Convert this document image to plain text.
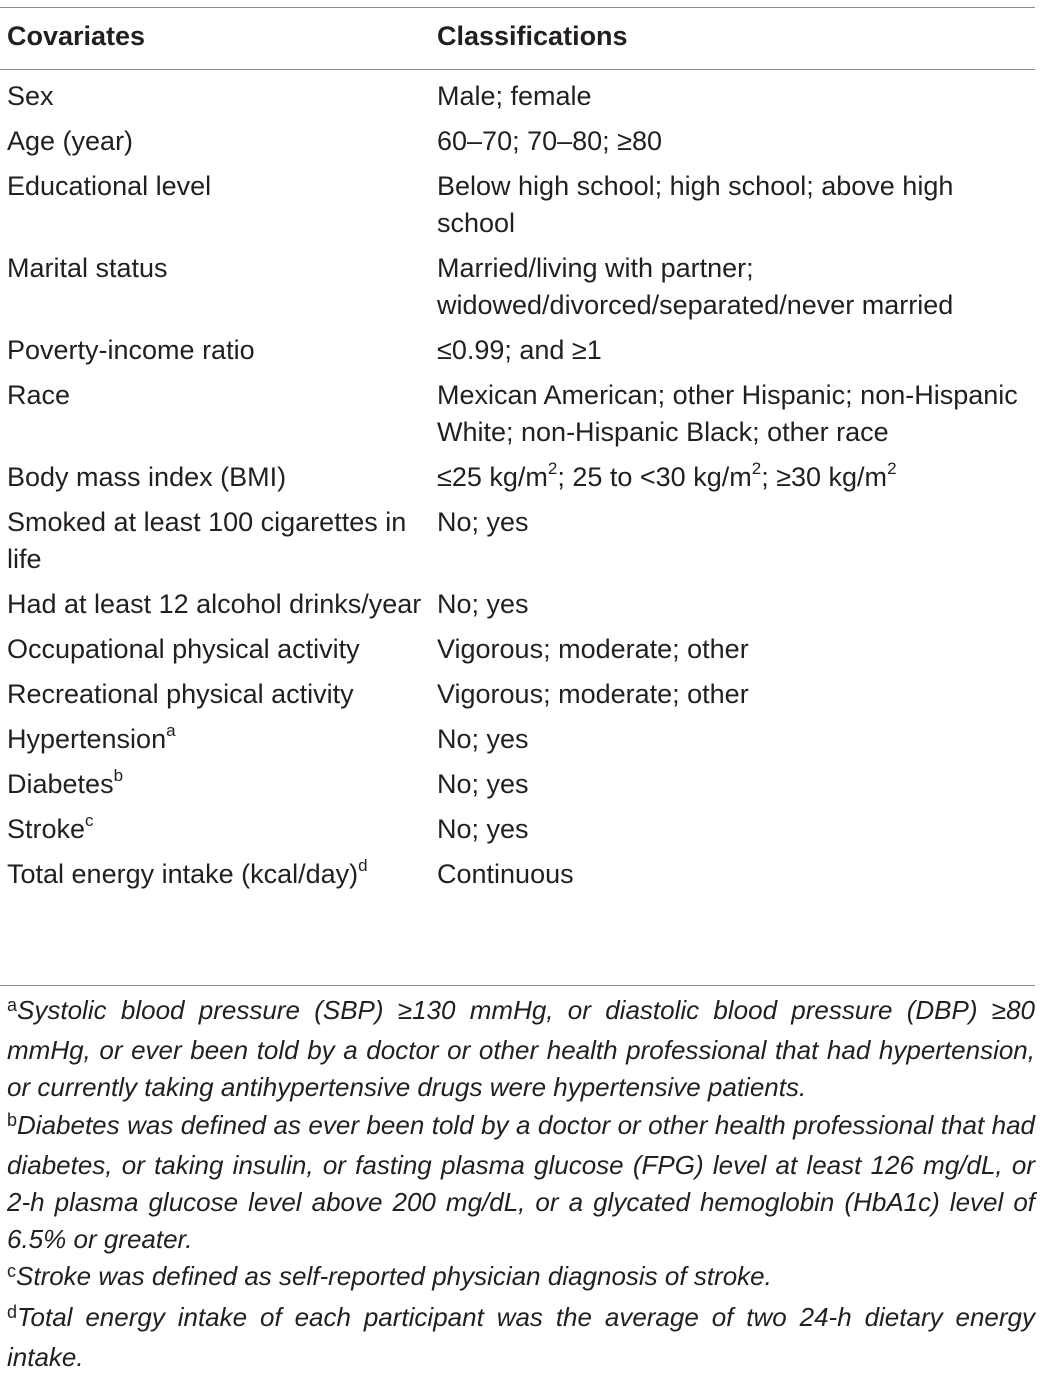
Covariates	Classifications
Sex	Male; female
Age (year)	60–70; 70–80; ≥80
Educational level	Below high school; high school; above high school
Marital status	Married/living with partner; widowed/divorced/separated/never married
Poverty-income ratio	≤0.99; and ≥1
Race	Mexican American; other Hispanic; non-Hispanic White; non-Hispanic Black; other race
Body mass index (BMI)	≤25 $kg/m^2$; 25 to <30 $kg/m^2$; ≥30 $kg/m^2$
Smoked at least 100 cigarettes in life	No; yes
Had at least 12 alcohol drinks/year	No; yes
Occupational physical activity	Vigorous; moderate; other
Recreational physical activity	Vigorous; moderate; other
Hypertension$^a$	No; yes
Diabetes$^b$	No; yes
Stroke$^c$	No; yes
Total energy intake (kcal/day)$^d$	Continuous
$^a$Systolic blood pressure (SBP) ≥130 mmHg, or diastolic blood pressure (DBP) ≥80 mmHg, or ever been told by a doctor or other health professional that had hypertension, or currently taking antihypertensive drugs were hypertensive patients.
$^b$Diabetes was defined as ever been told by a doctor or other health professional that had diabetes, or taking insulin, or fasting plasma glucose (FPG) level at least 126 mg/dL, or 2-h plasma glucose level above 200 mg/dL, or a glycated hemoglobin (HbA1c) level of 6.5% or greater.
$^c$Stroke was defined as self-reported physician diagnosis of stroke.
$^d$Total energy intake of each participant was the average of two 24-h dietary energy intake.
